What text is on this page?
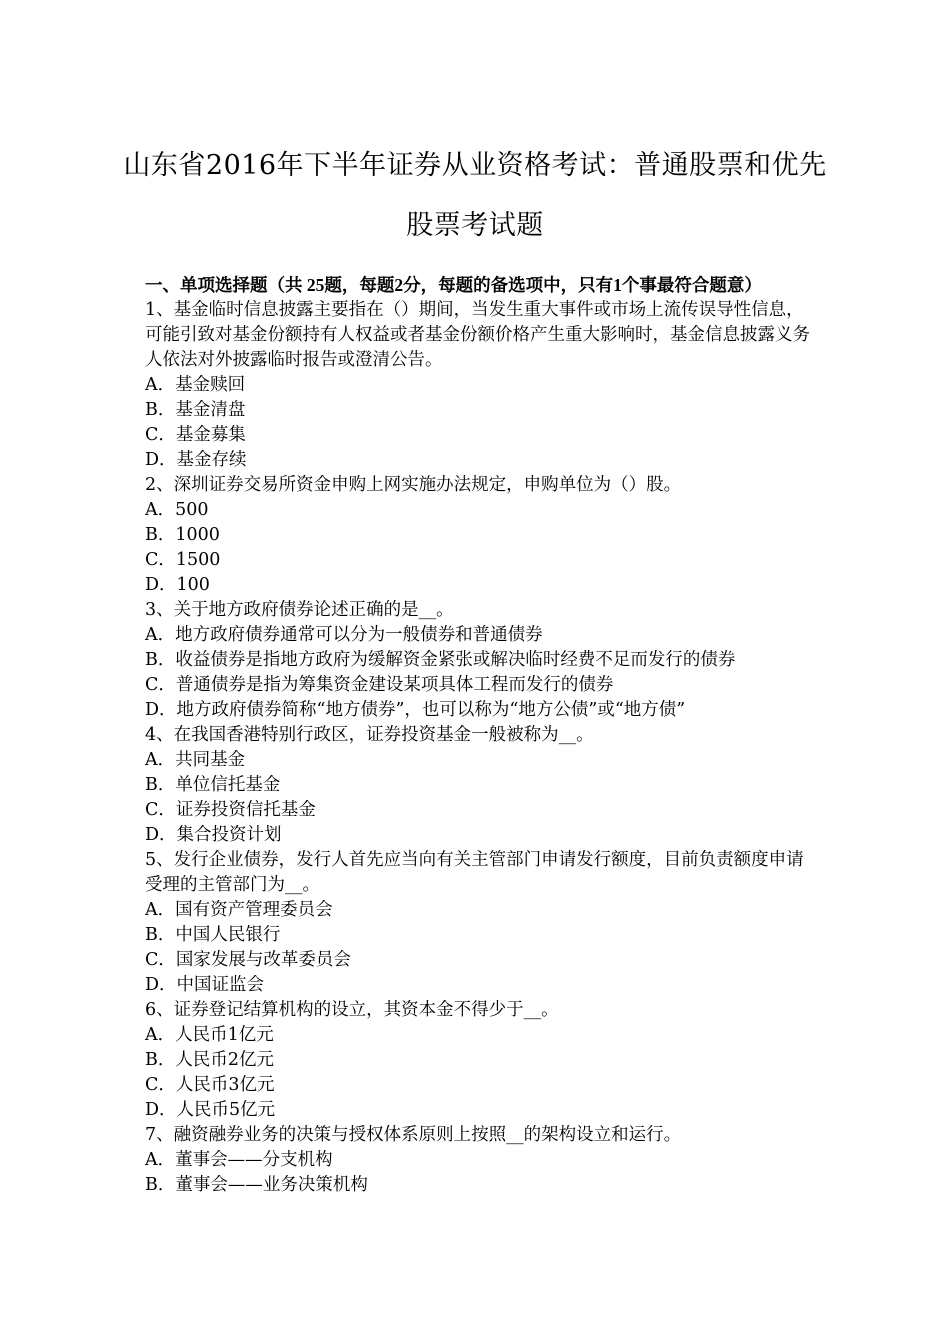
山东省2016年下半年证券从业资格考试：普通股票和优先
股票考试题
一、单项选择题（共 25题，每题2分，每题的备选项中，只有1个事最符合题意）
1、基金临时信息披露主要指在（）期间，当发生重大事件或市场上流传误导性信息，可能引致对基金份额持有人权益或者基金份额价格产生重大影响时，基金信息披露义务人依法对外披露临时报告或澄清公告。
A．基金赎回
B．基金清盘
C．基金募集
D．基金存续
2、深圳证券交易所资金申购上网实施办法规定，申购单位为（）股。
A．500
B．1000
C．1500
D．100
3、关于地方政府债券论述正确的是__。
A．地方政府债券通常可以分为一般债券和普通债券
B．收益债券是指地方政府为缓解资金紧张或解决临时经费不足而发行的债券
C．普通债券是指为筹集资金建设某项具体工程而发行的债券
D．地方政府债券简称“地方债券”，也可以称为“地方公债”或“地方债”
4、在我国香港特别行政区，证券投资基金一般被称为__。
A．共同基金
B．单位信托基金
C．证券投资信托基金
D．集合投资计划
5、发行企业债券，发行人首先应当向有关主管部门申请发行额度，目前负责额度申请受理的主管部门为__。
A．国有资产管理委员会
B．中国人民银行
C．国家发展与改革委员会
D．中国证监会
6、证券登记结算机构的设立，其资本金不得少于__。
A．人民币1亿元
B．人民币2亿元
C．人民币3亿元
D．人民币5亿元
7、融资融券业务的决策与授权体系原则上按照__的架构设立和运行。
A．董事会——分支机构
B．董事会——业务决策机构
